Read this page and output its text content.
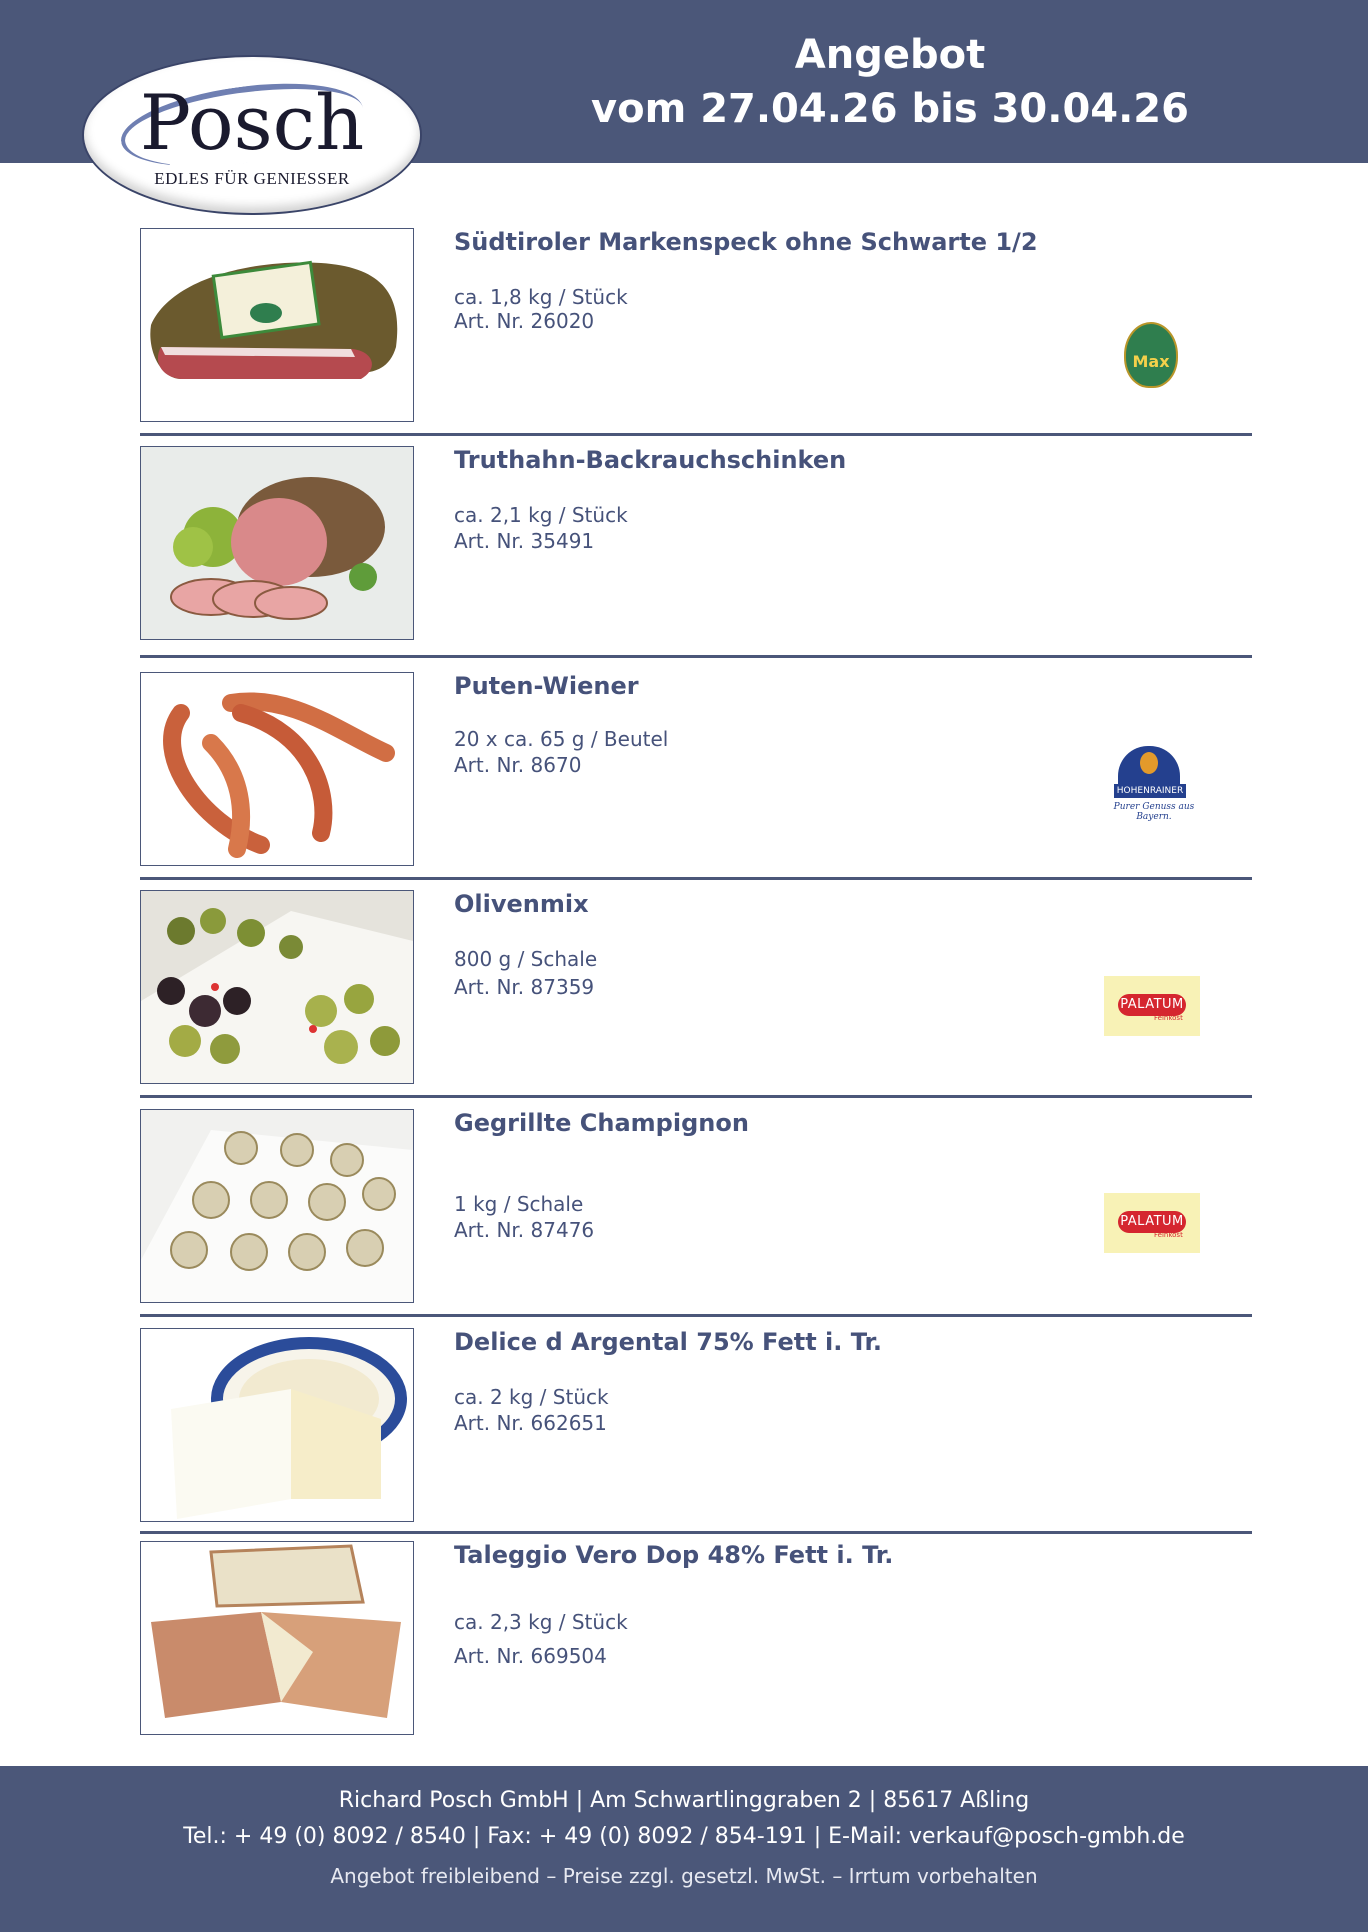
Angebot
vom 27.04.26 bis 30.04.26
Posch
EDLES FÜR GENIESSER
Südtiroler Markenspeck ohne Schwarte 1/2
ca. 1,8 kg / Stück
Art. Nr. 26020
Max
Truthahn-Backrauchschinken
ca. 2,1 kg / Stück
Art. Nr. 35491
Puten-Wiener
20 x ca. 65 g / Beutel
Art. Nr. 8670
HOHENRAINER
Purer Genuss aus Bayern.
Olivenmix
800 g / Schale
Art. Nr. 87359
PALATUM
Feinkost
Gegrillte Champignon
1 kg / Schale
Art. Nr. 87476	PALATUM
Feinkost
Delice d Argental 75% Fett i. Tr.
ca. 2 kg / Stück
Art. Nr. 662651
Taleggio Vero Dop 48% Fett i. Tr.
ca. 2,3 kg / Stück
Art. Nr. 669504
Richard Posch GmbH | Am Schwartlinggraben 2 | 85617 Aßling
Tel.: + 49 (0) 8092 / 8540 | Fax: + 49 (0) 8092 / 854-191 | E-Mail: verkauf@posch-gmbh.de
Angebot freibleibend – Preise zzgl. gesetzl. MwSt. – Irrtum vorbehalten
